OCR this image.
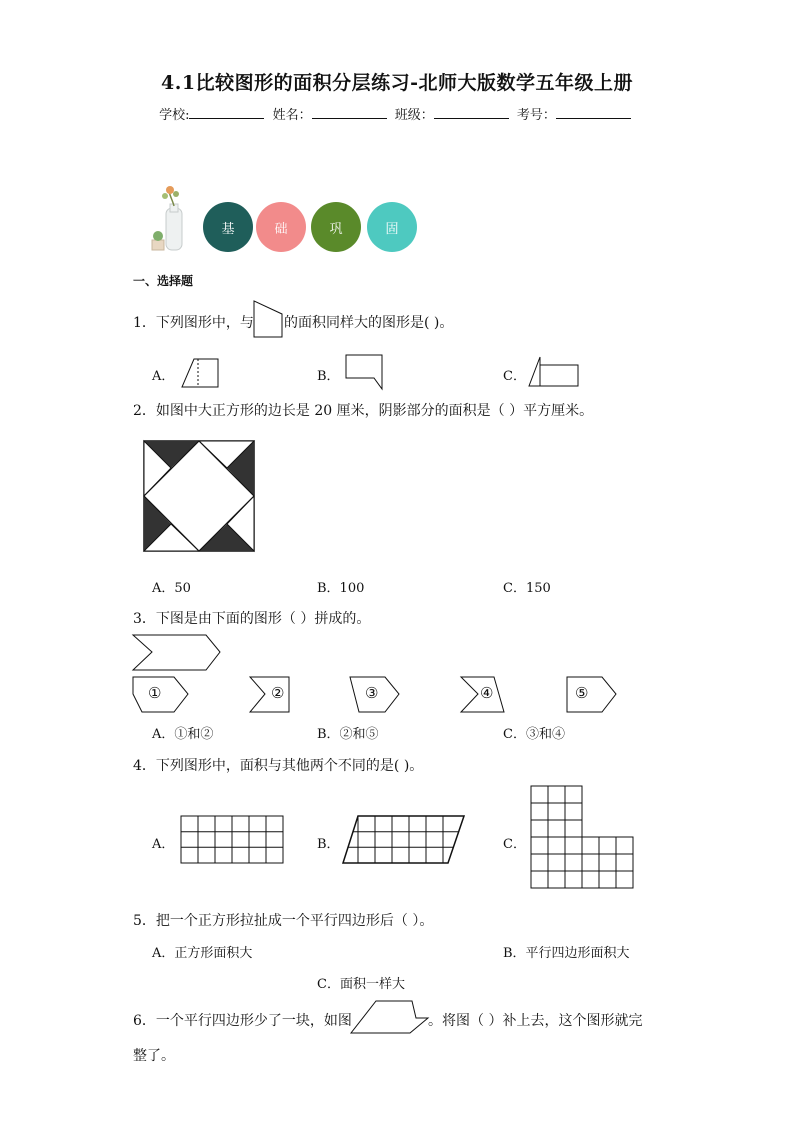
4.1比较图形的面积分层练习-北师大版数学五年级上册
学校:	姓名：	班级：	考号：
基	础	巩	固
一、选择题
1．下列图形中，与 的面积同样大的图形是( )。
A．	B．	C．
2．如图中大正方形的边长是 20 厘米，阴影部分的面积是（ ）平方厘米。
A．50	B．100	C．150
3．下图是由下面的图形（ ）拼成的。
①	②	③	④	⑤
A．①和②	B．②和⑤	C．③和④
4．下列图形中，面积与其他两个不同的是( )。
A．	B．	C．
5．把一个正方形拉扯成一个平行四边形后（ ）。
A．正方形面积大	B．平行四边形面积大
C．面积一样大
6．一个平行四边形少了一块，如图	。将图（ ）补上去，这个图形就完
整了。
